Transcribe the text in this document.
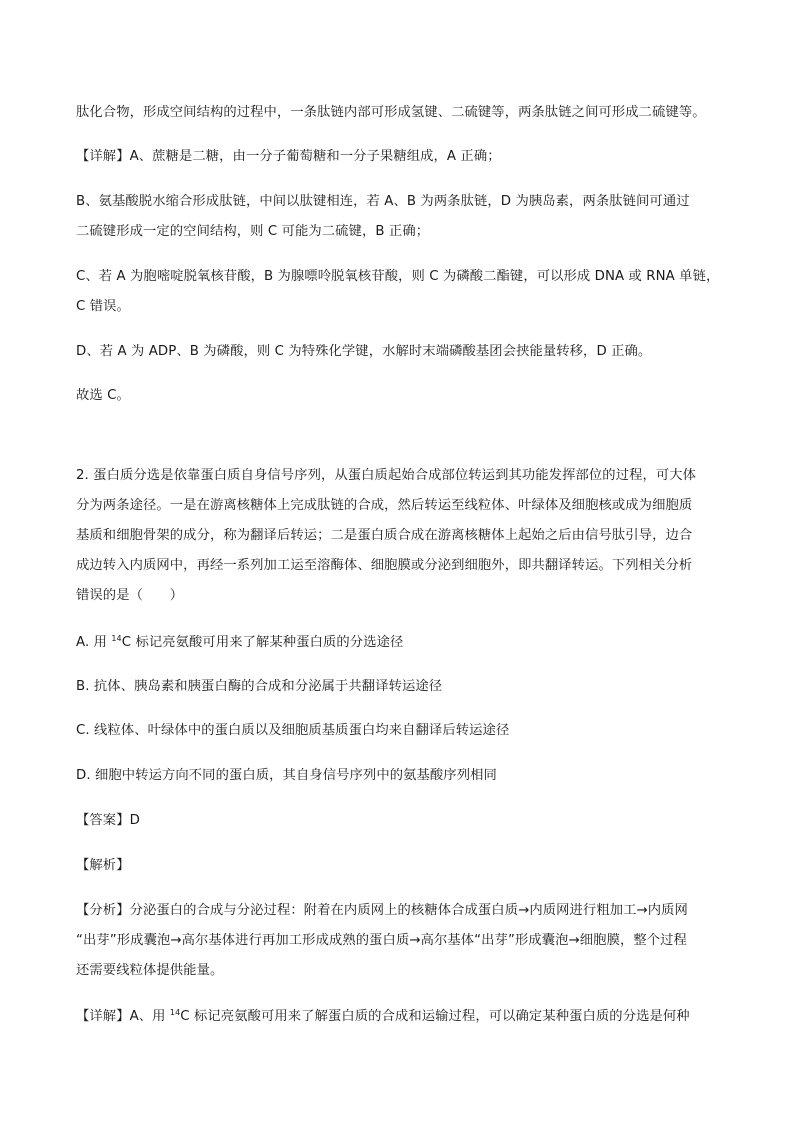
肽化合物，形成空间结构的过程中，一条肽链内部可形成氢键、二硫键等，两条肽链之间可形成二硫键等。
【详解】A、蔗糖是二糖，由一分子葡萄糖和一分子果糖组成，A 正确；
B、氨基酸脱水缩合形成肽链，中间以肽键相连，若 A、B 为两条肽链，D 为胰岛素，两条肽链间可通过
二硫键形成一定的空间结构，则 C 可能为二硫键，B 正确；
C、若 A 为胞嘧啶脱氧核苷酸，B 为腺嘌呤脱氧核苷酸，则 C 为磷酸二酯键，可以形成 DNA 或 RNA 单链，
C 错误。
D、若 A 为 ADP、B 为磷酸，则 C 为特殊化学键，水解时末端磷酸基团会挟能量转移，D 正确。
故选 C。
2. 蛋白质分选是依靠蛋白质自身信号序列，从蛋白质起始合成部位转运到其功能发挥部位的过程，可大体
分为两条途径。一是在游离核糖体上完成肽链的合成，然后转运至线粒体、叶绿体及细胞核或成为细胞质
基质和细胞骨架的成分，称为翻译后转运；二是蛋白质合成在游离核糖体上起始之后由信号肽引导，边合
成边转入内质网中，再经一系列加工运至溶酶体、细胞膜或分泌到细胞外，即共翻译转运。下列相关分析
错误的是（　　）
A. 用 $^{14}$C 标记亮氨酸可用来了解某种蛋白质的分选途径
B. 抗体、胰岛素和胰蛋白酶的合成和分泌属于共翻译转运途径
C. 线粒体、叶绿体中的蛋白质以及细胞质基质蛋白均来自翻译后转运途径
D. 细胞中转运方向不同的蛋白质，其自身信号序列中的氨基酸序列相同
【答案】D
【解析】
【分析】分泌蛋白的合成与分泌过程：附着在内质网上的核糖体合成蛋白质→内质网进行粗加工→内质网
“出芽”形成囊泡→高尔基体进行再加工形成成熟的蛋白质→高尔基体“出芽”形成囊泡→细胞膜，整个过程
还需要线粒体提供能量。
【详解】A、用 $^{14}$C 标记亮氨酸可用来了解蛋白质的合成和运输过程，可以确定某种蛋白质的分选是何种
